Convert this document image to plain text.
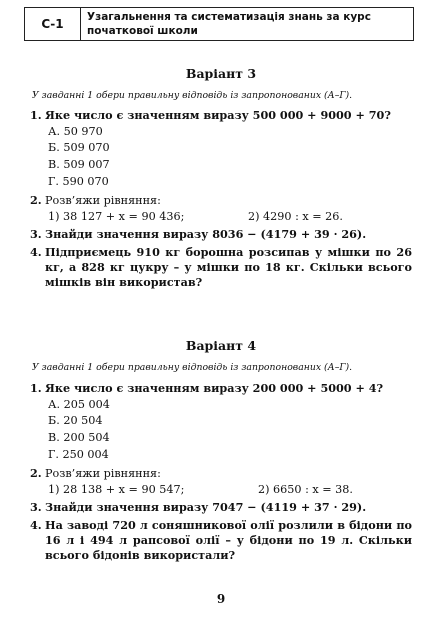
С-1	Узагальнення та систематизація знань за курс початкової школи
Варіант 3
У завданні 1 обери правильну відповідь із запропонованих (А–Г).
1. Яке число є значенням виразу 500 000 + 9000 + 70?
А. 50 970
Б. 509 070
В. 509 007
Г. 590 070
2. Розв’яжи рівняння:
1) 38 127 + x = 90 436;	2) 4290 : x = 26.
3. Знайди значення виразу 8036 − (4179 + 39 · 26).
4. Підприємець 910 кг борошна розсипав у мішки по 26 кг, а 828 кг цукру – у мішки по 18 кг. Скільки всього мішків він використав?
Варіант 4
У завданні 1 обери правильну відповідь із запропонованих (А–Г).
1. Яке число є значенням виразу 200 000 + 5000 + 4?
А. 205 004
Б. 20 504
В. 200 504
Г. 250 004
2. Розв’яжи рівняння:
1) 28 138 + x = 90 547;	2) 6650 : x = 38.
3. Знайди значення виразу 7047 − (4119 + 37 · 29).
4. На заводі 720 л соняшникової олії розлили в бідони по 16 л і 494 л рапсової олії – у бідони по 19 л. Скільки всього бідонів використали?
9
